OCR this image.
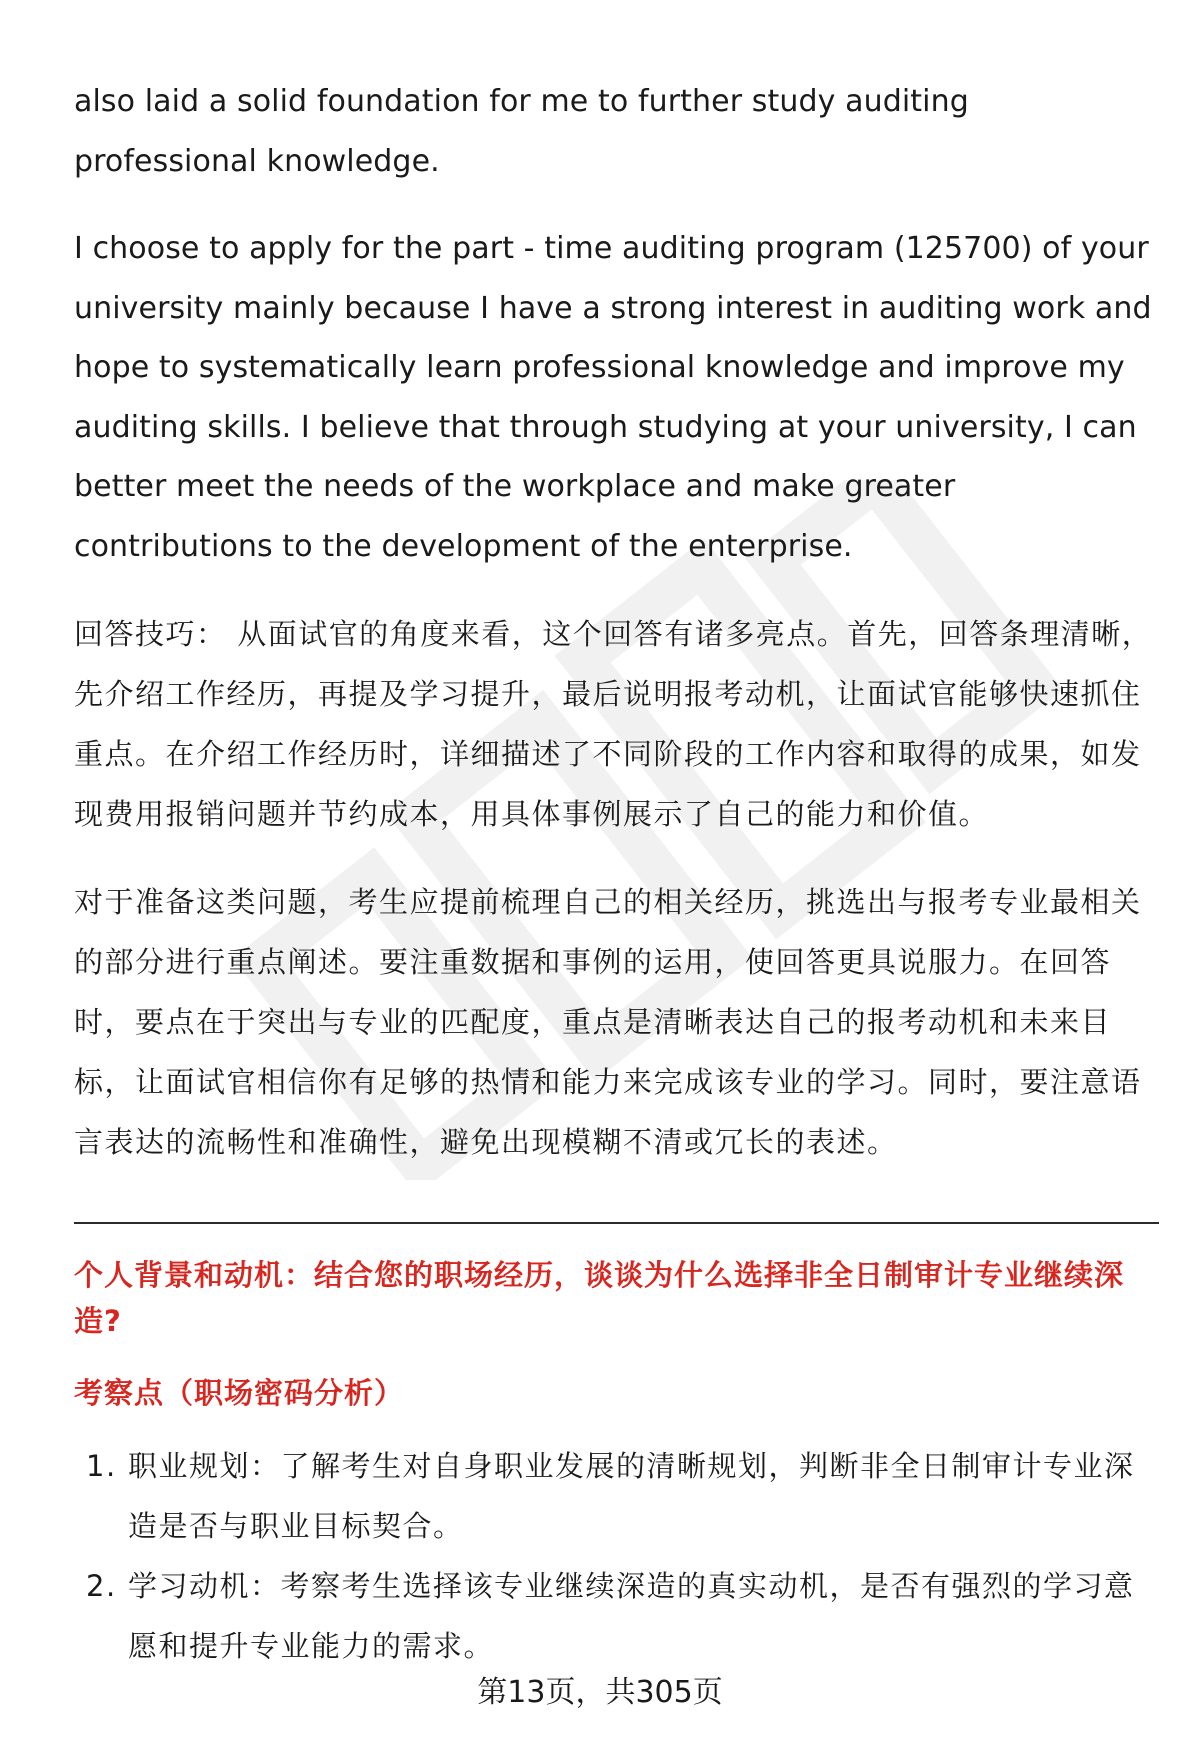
also laid a solid foundation for me to further study auditing professional knowledge.

I choose to apply for the part - time auditing program (125700) of your university mainly because I have a strong interest in auditing work and hope to systematically learn professional knowledge and improve my auditing skills. I believe that through studying at your university, I can better meet the needs of the workplace and make greater contributions to the development of the enterprise.

回答技巧： 从面试官的角度来看，这个回答有诸多亮点。首先，回答条理清晰，先介绍工作经历，再提及学习提升，最后说明报考动机，让面试官能够快速抓住重点。在介绍工作经历时，详细描述了不同阶段的工作内容和取得的成果，如发现费用报销问题并节约成本，用具体事例展示了自己的能力和价值。

对于准备这类问题，考生应提前梳理自己的相关经历，挑选出与报考专业最相关的部分进行重点阐述。要注重数据和事例的运用，使回答更具说服力。在回答时，要点在于突出与专业的匹配度，重点是清晰表达自己的报考动机和未来目标，让面试官相信你有足够的热情和能力来完成该专业的学习。同时，要注意语言表达的流畅性和准确性，避免出现模糊不清或冗长的表述。

个人背景和动机：结合您的职场经历，谈谈为什么选择非全日制审计专业继续深造?
考察点（职场密码分析）
1. 职业规划：了解考生对自身职业发展的清晰规划，判断非全日制审计专业深造是否与职业目标契合。
2. 学习动机：考察考生选择该专业继续深造的真实动机，是否有强烈的学习意愿和提升专业能力的需求。
第13页，共305页
